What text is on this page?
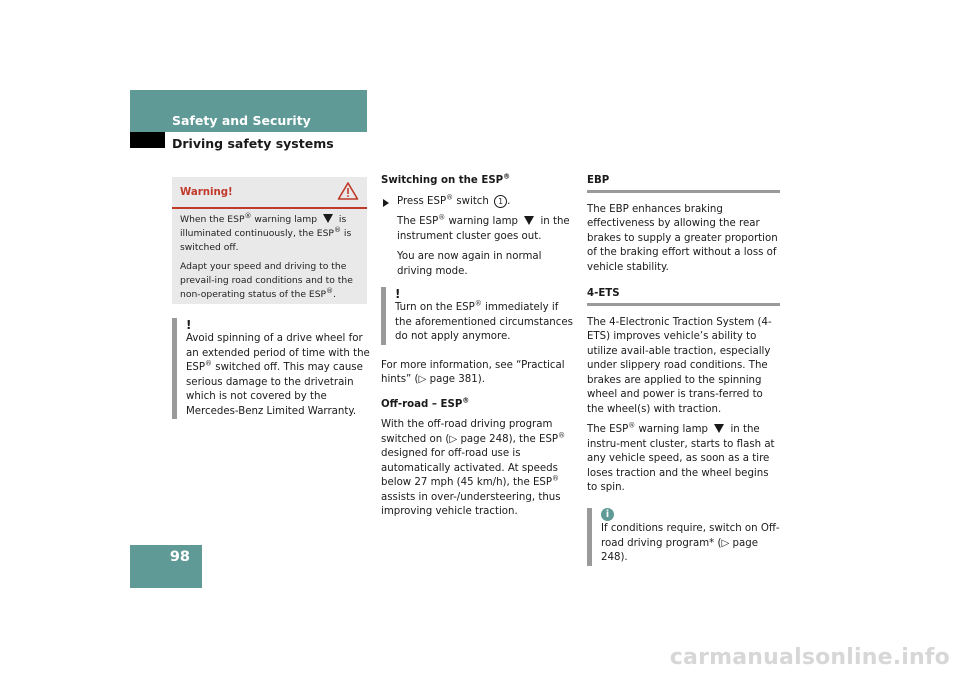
Safety and Security
Driving safety systems
98
Warning!

When the ESP® warning lamp  is illuminated continuously, the ESP® is switched off.

Adapt your speed and driving to the prevail-ing road conditions and to the non-operating status of the ESP®.

!
Avoid spinning of a drive wheel for an extended period of time with the ESP® switched off. This may cause serious damage to the drivetrain which is not covered by the Mercedes-Benz Limited Warranty.
Switching on the ESP®

Press ESP® switch 1 .

The ESP® warning lamp  in the instrument cluster goes out.

You are now again in normal driving mode.

!
Turn on the ESP® immediately if the aforementioned circumstances do not apply anymore.

For more information, see “Practical hints” (▷ page 381).

Off-road – ESP®

With the off-road driving program switched on (▷ page 248), the ESP® designed for off-road use is automatically activated. At speeds below 27 mph (45 km/h), the ESP® assists in over-/understeering, thus improving vehicle traction.

EBP

The EBP enhances braking effectiveness by allowing the rear brakes to supply a greater proportion of the braking effort without a loss of vehicle stability.

4-ETS

The 4-Electronic Traction System (4-ETS) improves vehicle’s ability to utilize avail-able traction, especially under slippery road conditions. The brakes are applied to the spinning wheel and power is trans-ferred to the wheel(s) with traction.

The ESP® warning lamp  in the instru-ment cluster, starts to flash at any vehicle speed, as soon as a tire loses traction and the wheel begins to spin.

i
If conditions require, switch on Off-road driving program* (▷ page 248).
carmanualsonline.info
